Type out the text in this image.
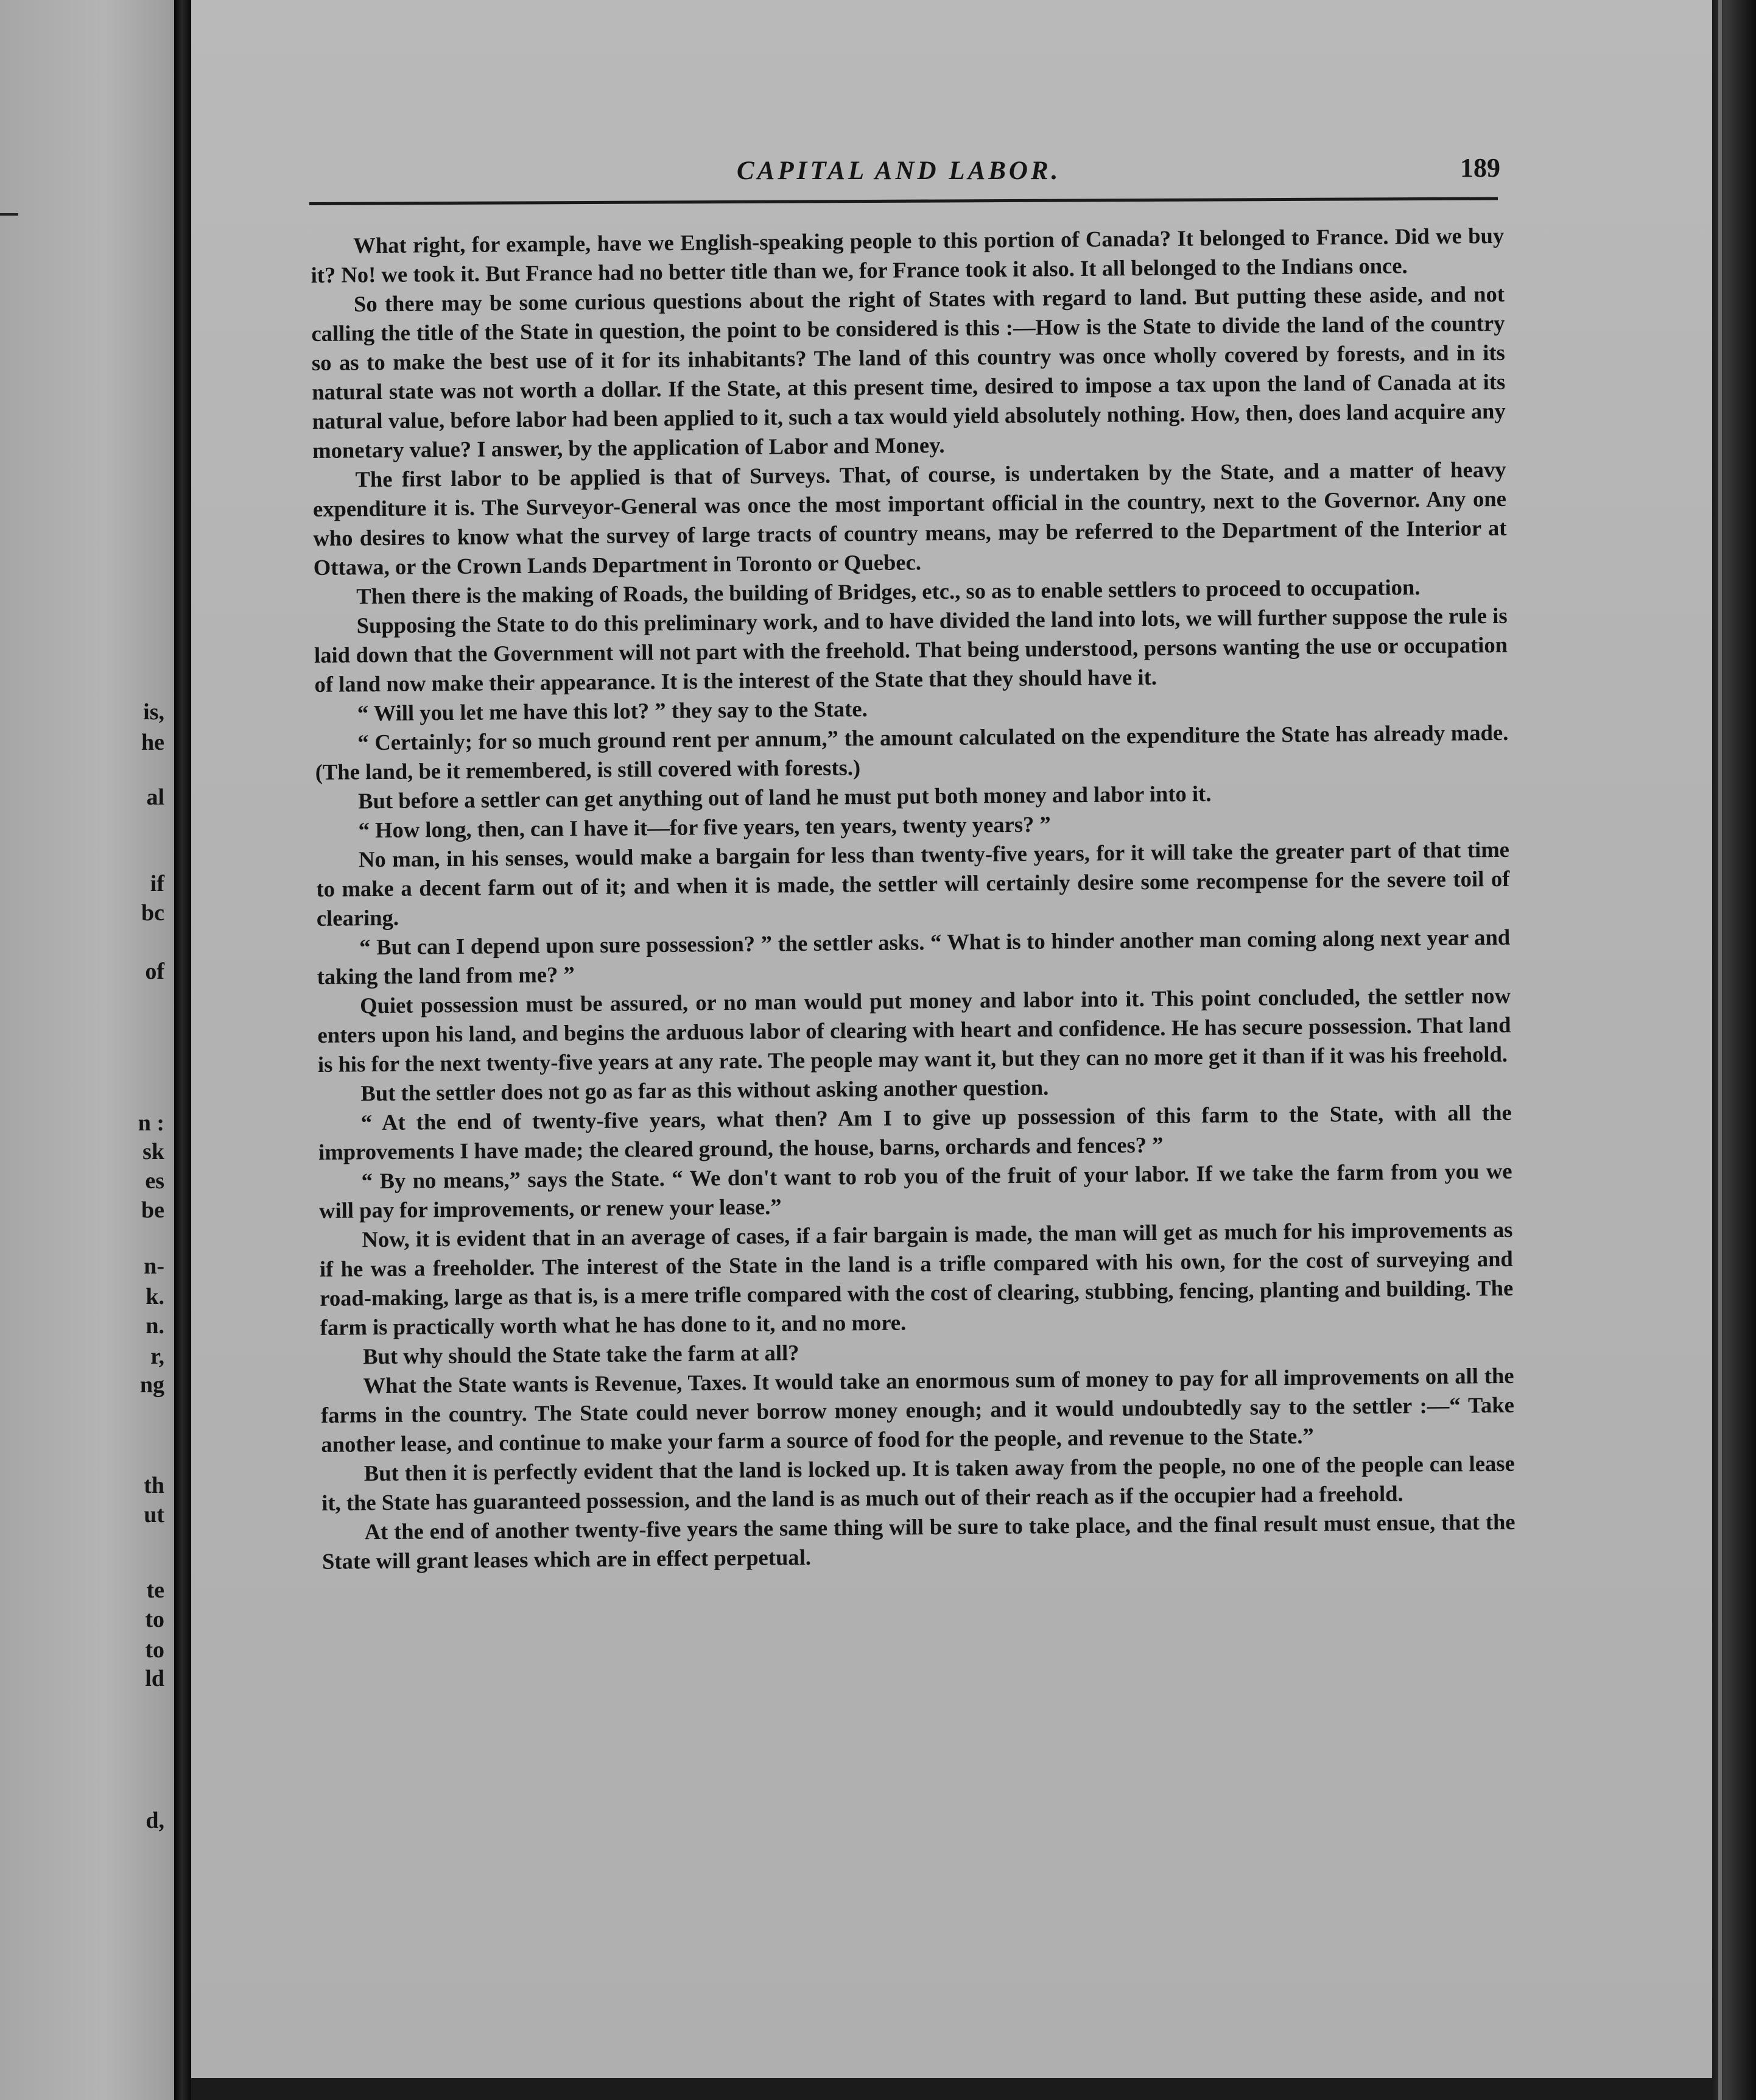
is,
he
al
if
bc
of
n :
sk
es
be
n-
k.
n.
r,
ng
th
ut
te
to
to
ld
d,
CAPITAL AND LABOR.	189

What right, for example, have we English-speaking people to this portion of Canada? It belonged to France. Did we buy it? No! we took it. But France had no better title than we, for France took it also. It all belonged to the Indians once.

So there may be some curious questions about the right of States with regard to land. But putting these aside, and not calling the title of the State in question, the point to be considered is this :—How is the State to divide the land of the country so as to make the best use of it for its inhabitants? The land of this country was once wholly covered by forests, and in its natural state was not worth a dollar. If the State, at this present time, desired to impose a tax upon the land of Canada at its natural value, before labor had been applied to it, such a tax would yield absolutely nothing. How, then, does land acquire any monetary value? I answer, by the application of Labor and Money.

The first labor to be applied is that of Surveys. That, of course, is undertaken by the State, and a matter of heavy expenditure it is. The Surveyor-General was once the most important official in the country, next to the Governor. Any one who desires to know what the survey of large tracts of country means, may be referred to the Department of the Interior at Ottawa, or the Crown Lands Department in Toronto or Quebec.

Then there is the making of Roads, the building of Bridges, etc., so as to enable settlers to proceed to occupation.

Supposing the State to do this preliminary work, and to have divided the land into lots, we will further suppose the rule is laid down that the Government will not part with the freehold. That being understood, persons wanting the use or occupation of land now make their appearance. It is the interest of the State that they should have it.

“ Will you let me have this lot? ” they say to the State.

“ Certainly; for so much ground rent per annum,” the amount calculated on the expenditure the State has already made. (The land, be it remembered, is still covered with forests.)

But before a settler can get anything out of land he must put both money and labor into it.

“ How long, then, can I have it—for five years, ten years, twenty years? ”

No man, in his senses, would make a bargain for less than twenty-five years, for it will take the greater part of that time to make a decent farm out of it; and when it is made, the settler will certainly desire some recompense for the severe toil of clearing.

“ But can I depend upon sure possession? ” the settler asks. “ What is to hinder another man coming along next year and taking the land from me? ”

Quiet possession must be assured, or no man would put money and labor into it. This point concluded, the settler now enters upon his land, and begins the arduous labor of clearing with heart and confidence. He has secure possession. That land is his for the next twenty-five years at any rate. The people may want it, but they can no more get it than if it was his freehold.

But the settler does not go as far as this without asking another question.

“ At the end of twenty-five years, what then? Am I to give up possession of this farm to the State, with all the improvements I have made; the cleared ground, the house, barns, orchards and fences? ”

“ By no means,” says the State. “ We don't want to rob you of the fruit of your labor. If we take the farm from you we will pay for improvements, or renew your lease.”

Now, it is evident that in an average of cases, if a fair bargain is made, the man will get as much for his improvements as if he was a freeholder. The interest of the State in the land is a trifle compared with his own, for the cost of surveying and road-making, large as that is, is a mere trifle compared with the cost of clearing, stubbing, fencing, planting and building. The farm is practically worth what he has done to it, and no more.

But why should the State take the farm at all?

What the State wants is Revenue, Taxes. It would take an enormous sum of money to pay for all improvements on all the farms in the country. The State could never borrow money enough; and it would undoubtedly say to the settler :—“ Take another lease, and continue to make your farm a source of food for the people, and revenue to the State.”

But then it is perfectly evident that the land is locked up. It is taken away from the people, no one of the people can lease it, the State has guaranteed possession, and the land is as much out of their reach as if the occupier had a freehold.

At the end of another twenty-five years the same thing will be sure to take place, and the final result must ensue, that the State will grant leases which are in effect perpetual.
